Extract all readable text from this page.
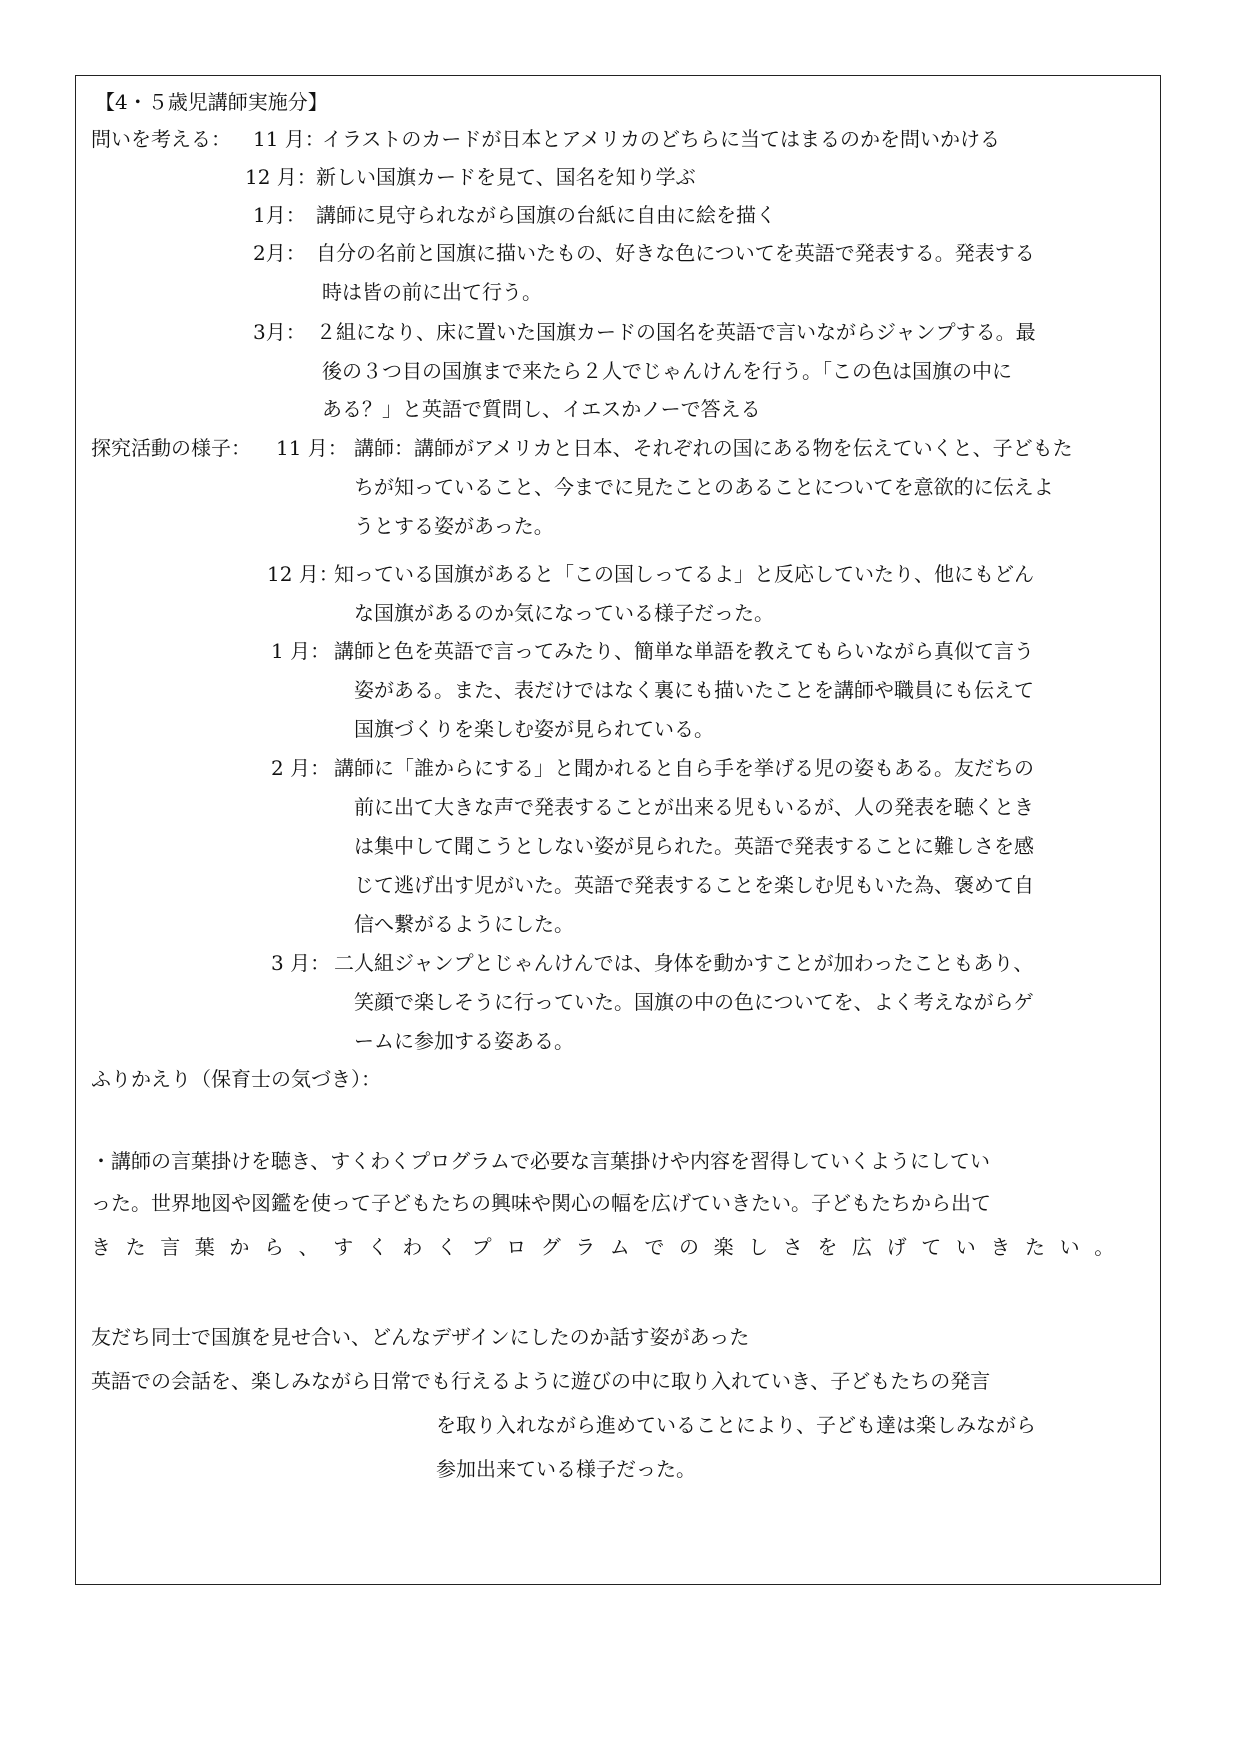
【4・５歳児講師実施分】
問いを考える： 11 月：
イラストのカードが日本とアメリカのどちらに当てはまるのかを問いかける
12 月： 新しい国旗カードを見て、国名を知り学ぶ
1月： 講師に見守られながら国旗の台紙に自由に絵を描く
2月： 自分の名前と国旗に描いたもの、好きな色についてを英語で発表する。発表する
時は皆の前に出て行う。
3月： ２組になり、床に置いた国旗カードの国名を英語で言いながらジャンプする。最
後の３つ目の国旗まで来たら２人でじゃんけんを行う。「この色は国旗の中に
ある？」と英語で質問し、イエスかノーで答える
探究活動の様子： 11 月： 講師：講師がアメリカと日本、それぞれの国にある物を伝えていくと、子どもた
ちが知っていること、今までに見たことのあることについてを意欲的に伝えよ
うとする姿があった。
12 月：
知っている国旗があると「この国しってるよ」と反応していたり、他にもどん
な国旗があるのか気になっている様子だった。
1 月： 講師と色を英語で言ってみたり、簡単な単語を教えてもらいながら真似て言う
姿がある。また、表だけではなく裏にも描いたことを講師や職員にも伝えて
国旗づくりを楽しむ姿が見られている。
2 月： 講師に「誰からにする」と聞かれると自ら手を挙げる児の姿もある。友だちの
前に出て大きな声で発表することが出来る児もいるが、人の発表を聴くとき
は集中して聞こうとしない姿が見られた。英語で発表することに難しさを感
じて逃げ出す児がいた。英語で発表することを楽しむ児もいた為、褒めて自
信へ繋がるようにした。
3 月： 二人組ジャンプとじゃんけんでは、身体を動かすことが加わったこともあり、
笑顔で楽しそうに行っていた。国旗の中の色についてを、よく考えながらゲ
ームに参加する姿ある。
ふりかえり（保育士の気づき）：
・講師の言葉掛けを聴き、すくわくプログラムで必要な言葉掛けや内容を習得していくようにしてい
った。世界地図や図鑑を使って子どもたちの興味や関心の幅を広げていきたい。子どもたちから出て
きた言葉から、すくわくプログラムでの楽しさを広げていきたい。
友だち同士で国旗を見せ合い、どんなデザインにしたのか話す姿があった
英語での会話を、楽しみながら日常でも行えるように遊びの中に取り入れていき、子どもたちの発言
を取り入れながら進めていることにより、子ども達は楽しみながら
参加出来ている様子だった。
